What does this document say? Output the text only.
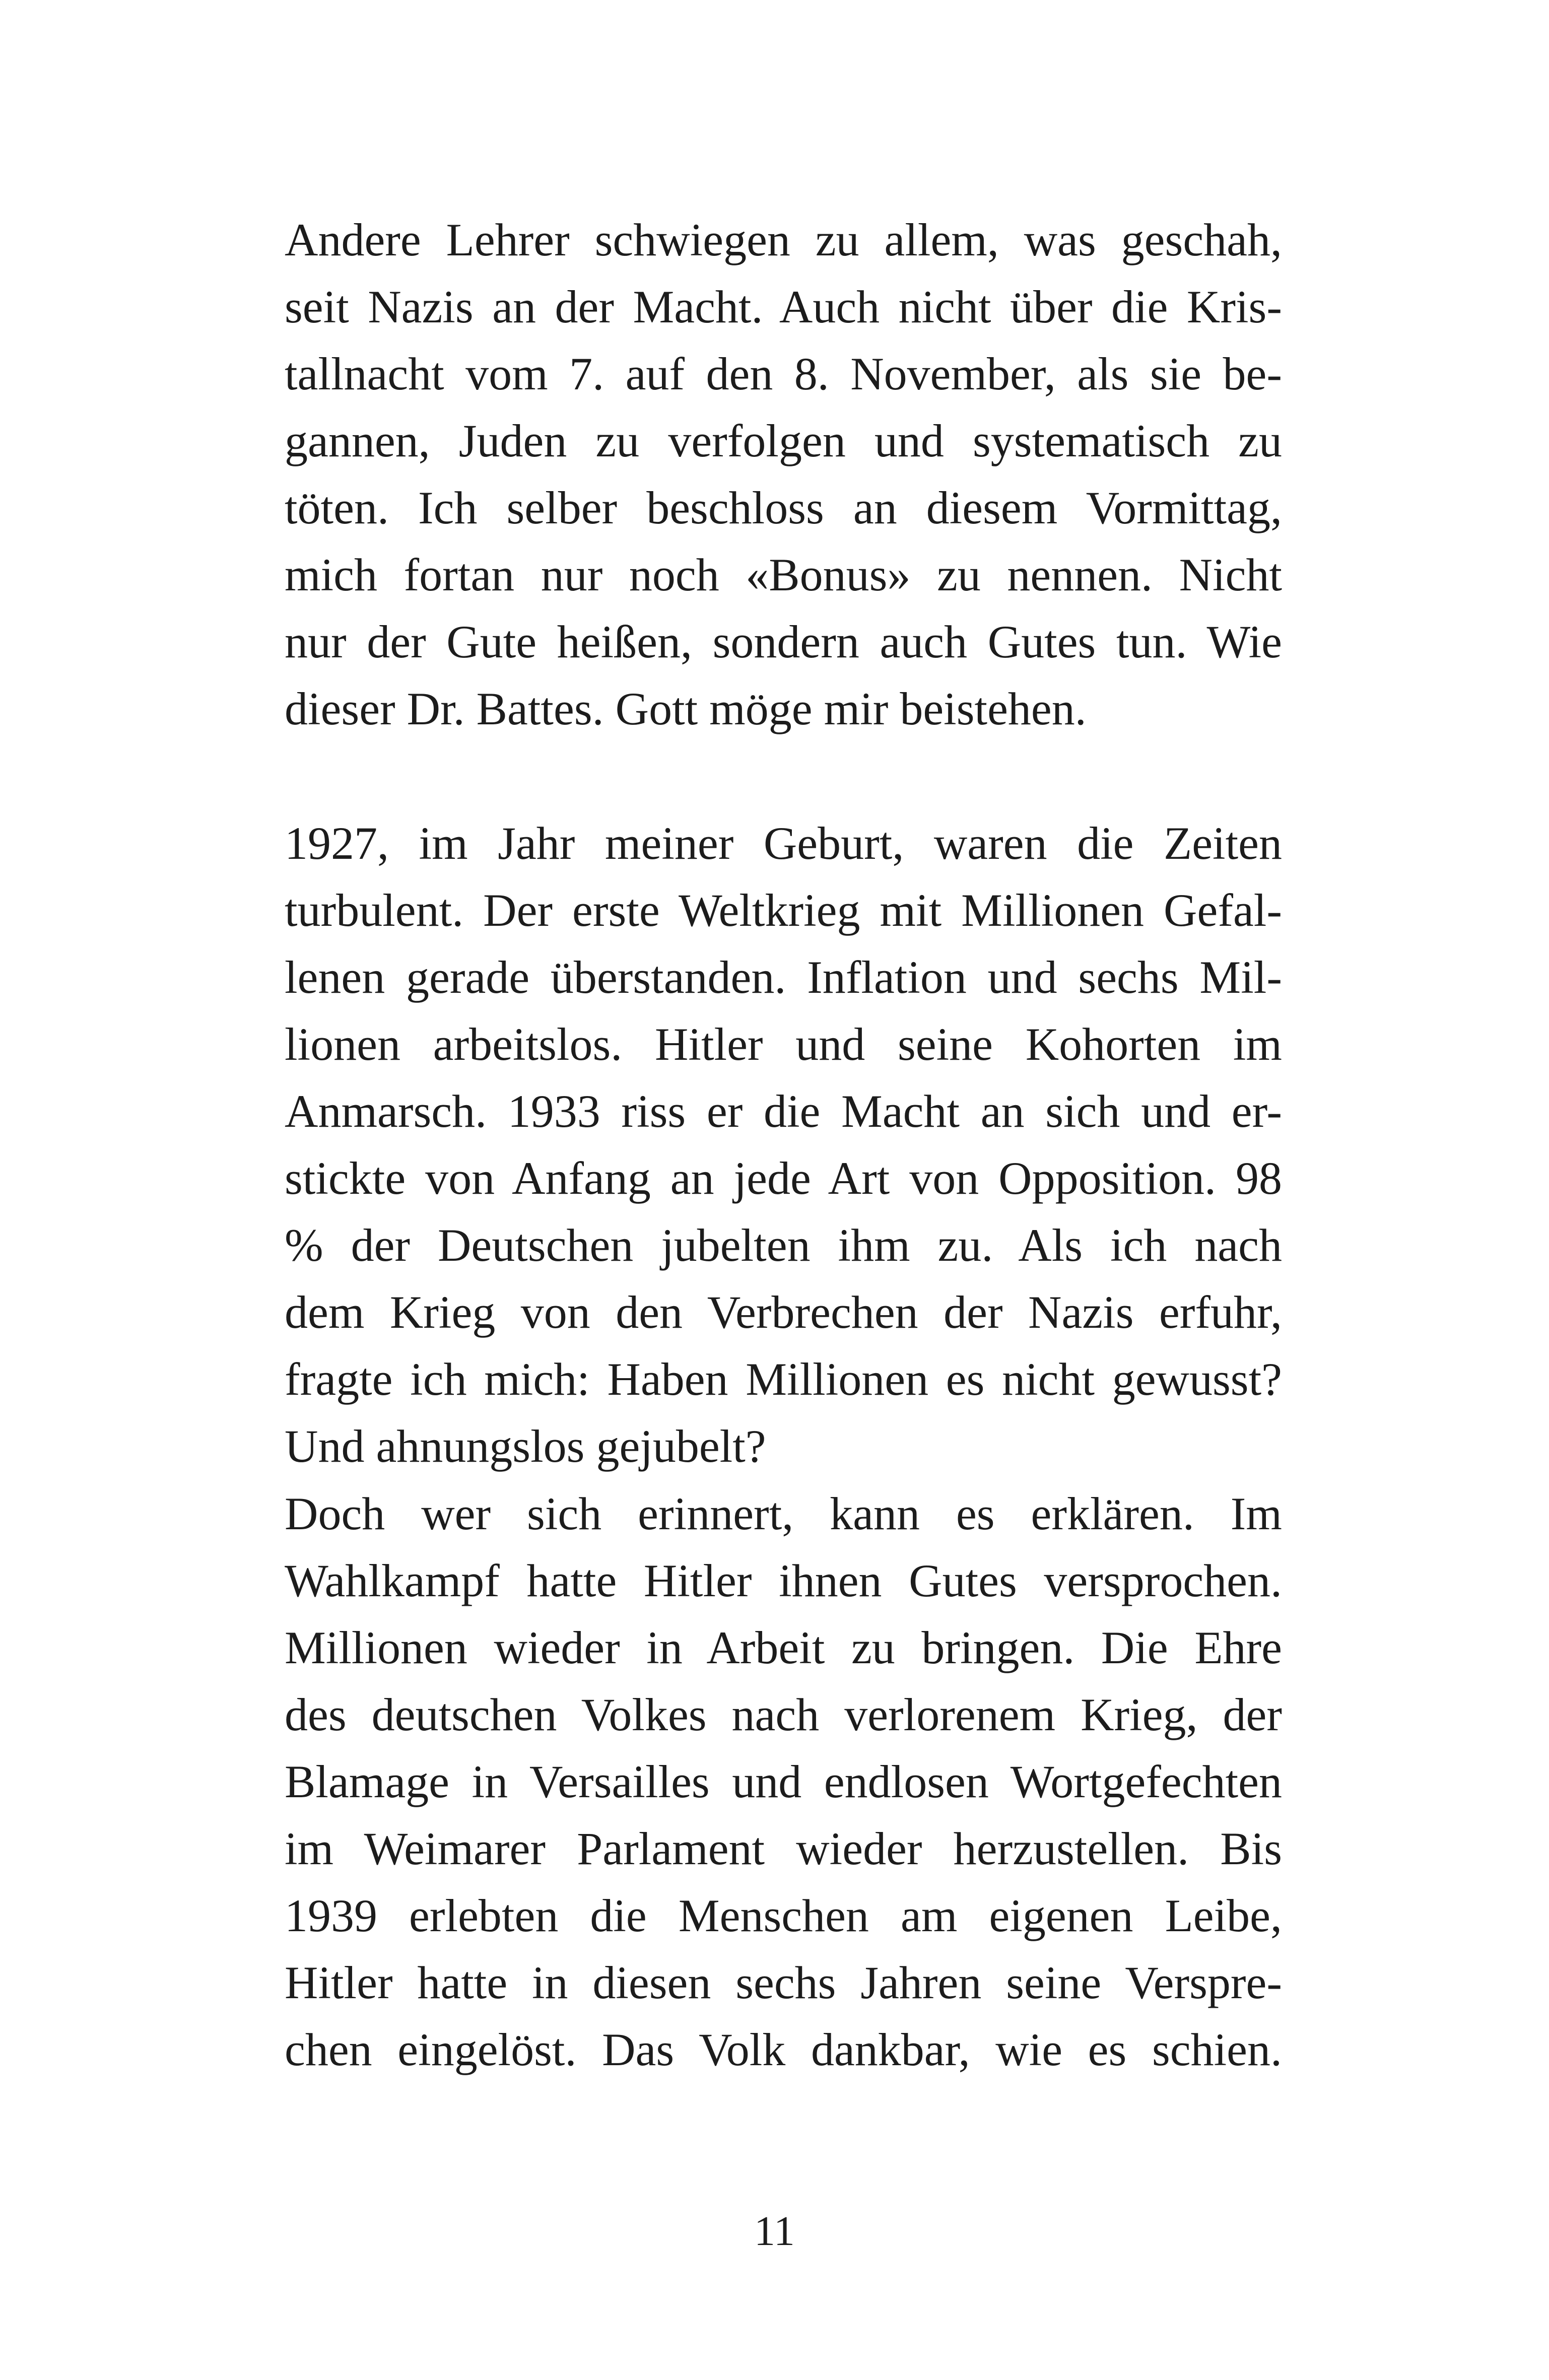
Andere Lehrer schwiegen zu allem, was geschah,
seit Nazis an der Macht. Auch nicht über die Kris-
tallnacht vom 7. auf den 8. November, als sie be-
gannen, Juden zu verfolgen und systematisch zu
töten. Ich selber beschloss an diesem Vormittag,
mich fortan nur noch «Bonus» zu nennen. Nicht
nur der Gute heißen, sondern auch Gutes tun. Wie
dieser Dr. Battes. Gott möge mir beistehen.
1927, im Jahr meiner Geburt, waren die Zeiten
turbulent. Der erste Weltkrieg mit Millionen Gefal-
lenen gerade überstanden. Inflation und sechs Mil-
lionen arbeitslos. Hitler und seine Kohorten im
Anmarsch. 1933 riss er die Macht an sich und er-
stickte von Anfang an jede Art von Opposition. 98
% der Deutschen jubelten ihm zu. Als ich nach
dem Krieg von den Verbrechen der Nazis erfuhr,
fragte ich mich: Haben Millionen es nicht gewusst?
Und ahnungslos gejubelt?
Doch wer sich erinnert, kann es erklären. Im
Wahlkampf hatte Hitler ihnen Gutes versprochen.
Millionen wieder in Arbeit zu bringen. Die Ehre
des deutschen Volkes nach verlorenem Krieg, der
Blamage in Versailles und endlosen Wortgefechten
im Weimarer Parlament wieder herzustellen. Bis
1939 erlebten die Menschen am eigenen Leibe,
Hitler hatte in diesen sechs Jahren seine Verspre-
chen eingelöst. Das Volk dankbar, wie es schien.
11
